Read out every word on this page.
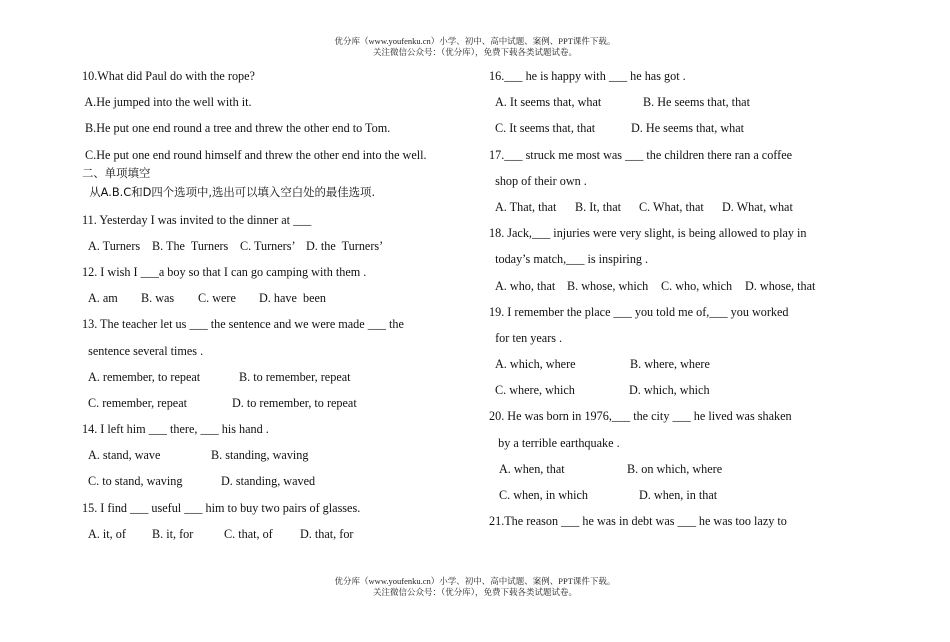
优分库（www.youfenku.cn）小学、初中、高中试题、案例、PPT课件下载。
关注微信公众号：（优分库），免费下载各类试题试卷。
10.What did Paul do with the rope?
A.He jumped into the well with it.
B.He put one end round a tree and threw the other end to Tom.
C.He put one end round himself and threw the other end into the well.
二、单项填空
从A.B.C和D四个选项中,选出可以填入空白处的最佳选项.
11. Yesterday I was invited to the dinner at ___
A. Turners B. The  Turners C. Turners’ D. the  Turners’
12. I wish I ___a boy so that I can go camping with them .
A. am	B. was	C. were	D. have  been
13. The teacher let us ___ the sentence and we were made ___ the
sentence several times .
A. remember, to repeat	B. to remember, repeat
C. remember, repeat	D. to remember, to repeat
14. I left him ___ there, ___ his hand .
A. stand, wave	B. standing, waving
C. to stand, waving	D. standing, waved
15. I find ___ useful ___ him to buy two pairs of glasses.
A. it, of	B. it, for	C. that, of	D. that, for
16.___ he is happy with ___ he has got .
A. It seems that, what	B. He seems that, that
C. It seems that, that	D. He seems that, what
17.___ struck me most was ___ the children there ran a coffee
shop of their own .
A. That, that	B. It, that	C. What, that	D. What, what
18. Jack,___ injuries were very slight, is being allowed to play in
today’s match,___ is inspiring .
A. who, that B. whose, which	C. who, which	D. whose, that
19. I remember the place ___ you told me of,___ you worked
for ten years .
A. which, where	B. where, where
C. where, which	D. which, which
20. He was born in 1976,___ the city ___ he lived was shaken
by a terrible earthquake .
A. when, that	B. on which, where
C. when, in which	D. when, in that
21.The reason ___ he was in debt was ___ he was too lazy to
优分库（www.youfenku.cn）小学、初中、高中试题、案例、PPT课件下载。
关注微信公众号：（优分库），免费下载各类试题试卷。
